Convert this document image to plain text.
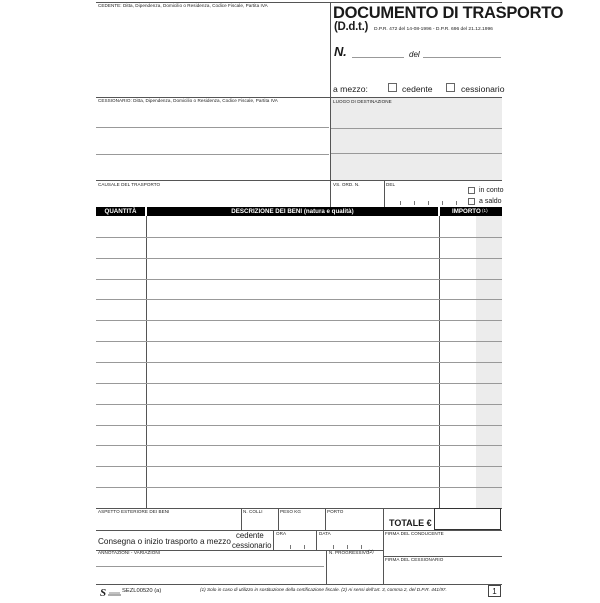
CEDENTE: Ditta, Dipendenza, Domicilio o Residenza, Codice Fiscale, Partita IVA	DOCUMENTO DI TRASPORTO
(D.d.t.) D.P.R. 472 del 14-08-1996 - D.P.R. 696 del 21.12.1996
N.	del
a mezzo:	cedente	cessionario
CESSIONARIO: Ditta, Dipendenza, Domicilio o Residenza, Codice Fiscale, Partita IVA	LUOGO DI DESTINAZIONE
CAUSALE DEL TRASPORTO	VS. ORD. N.	DEL
in conto
a saldo
QUANTITÀ	DESCRIZIONE DEI BENI (natura e qualità)	IMPORTO (1)
ASPETTO ESTERIORE DEI BENI	N. COLLI	PESO KG	PORTO
TOTALE €
Consegna o inizio trasporto a mezzo
cedente
cessionario
ORA	DATA	FIRMA DEL CONDUCENTE
ANNOTAZIONI - VARIAZIONI	N. PROGRESSIVO
(2)
FIRMA DEL CESSIONARIO
S	SEZL00520 (a)	(1) Solo in caso di utilizzo in sostituzione della certificazione fiscale. (2) Ai sensi dell'art. 3, comma 2, del D.P.R. 441/97.	1
